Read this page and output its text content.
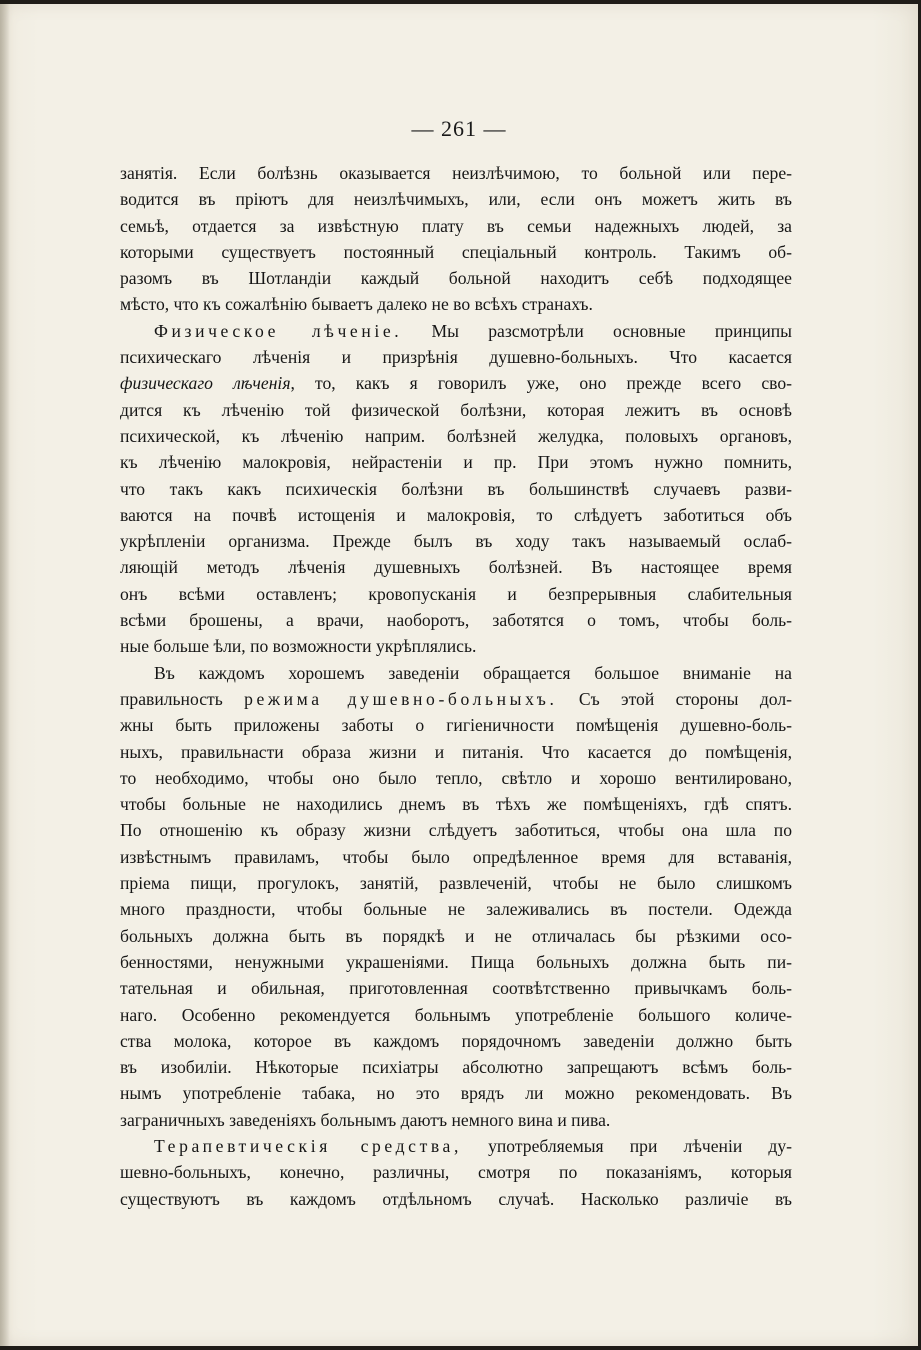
— 261 —
занятія. Если болѣзнь оказывается неизлѣчимою, то больной или пере-
водится въ пріютъ для неизлѣчимыхъ, или, если онъ можетъ жить въ
семьѣ, отдается за извѣстную плату въ семьи надежныхъ людей, за
которыми существуетъ постоянный спеціальный контроль. Такимъ об-
разомъ въ Шотландіи каждый больной находитъ себѣ подходящее
мѣсто, что къ сожалѣнію бываетъ далеко не во всѣхъ странахъ.
Физическое лѣченіе. Мы разсмотрѣли основные принципы
психическаго лѣченія и призрѣнія душевно-больныхъ. Что касается
физическаго лѣченія, то, какъ я говорилъ уже, оно прежде всего сво-
дится къ лѣченію той физической болѣзни, которая лежитъ въ основѣ
психической, къ лѣченію наприм. болѣзней желудка, половыхъ органовъ,
къ лѣченію малокровія, нейрастеніи и пр. При этомъ нужно помнить,
что такъ какъ психическія болѣзни въ большинствѣ случаевъ разви-
ваются на почвѣ истощенія и малокровія, то слѣдуетъ заботиться объ
укрѣпленіи организма. Прежде былъ въ ходу такъ называемый ослаб-
ляющій методъ лѣченія душевныхъ болѣзней. Въ настоящее время
онъ всѣми оставленъ; кровопусканія и безпрерывныя слабительныя
всѣми брошены, а врачи, наоборотъ, заботятся о томъ, чтобы боль-
ные больше ѣли, по возможности укрѣплялись.
Въ каждомъ хорошемъ заведеніи обращается большое вниманіе на
правильность режима душевно-больныхъ. Съ этой стороны дол-
жны быть приложены заботы о гигіеничности помѣщенія душевно-боль-
ныхъ, правильнасти образа жизни и питанія. Что касается до помѣщенія,
то необходимо, чтобы оно было тепло, свѣтло и хорошо вентилировано,
чтобы больные не находились днемъ въ тѣхъ же помѣщеніяхъ, гдѣ спятъ.
По отношенію къ образу жизни слѣдуетъ заботиться, чтобы она шла по
извѣстнымъ правиламъ, чтобы было опредѣленное время для вставанія,
пріема пищи, прогулокъ, занятій, развлеченій, чтобы не было слишкомъ
много праздности, чтобы больные не залеживались въ постели. Одежда
больныхъ должна быть въ порядкѣ и не отличалась бы рѣзкими осо-
бенностями, ненужными украшеніями. Пища больныхъ должна быть пи-
тательная и обильная, приготовленная соотвѣтственно привычкамъ боль-
наго. Особенно рекомендуется больнымъ употребленіе большого количе-
ства молока, которое въ каждомъ порядочномъ заведеніи должно быть
въ изобиліи. Нѣкоторые психіатры абсолютно запрещаютъ всѣмъ боль-
нымъ употребленіе табака, но это врядъ ли можно рекомендовать. Въ
заграничныхъ заведеніяхъ больнымъ даютъ немного вина и пива.
Терапевтическія средства, употребляемыя при лѣченіи ду-
шевно-больныхъ, конечно, различны, смотря по показаніямъ, которыя
существуютъ въ каждомъ отдѣльномъ случаѣ. Насколько различіе въ
